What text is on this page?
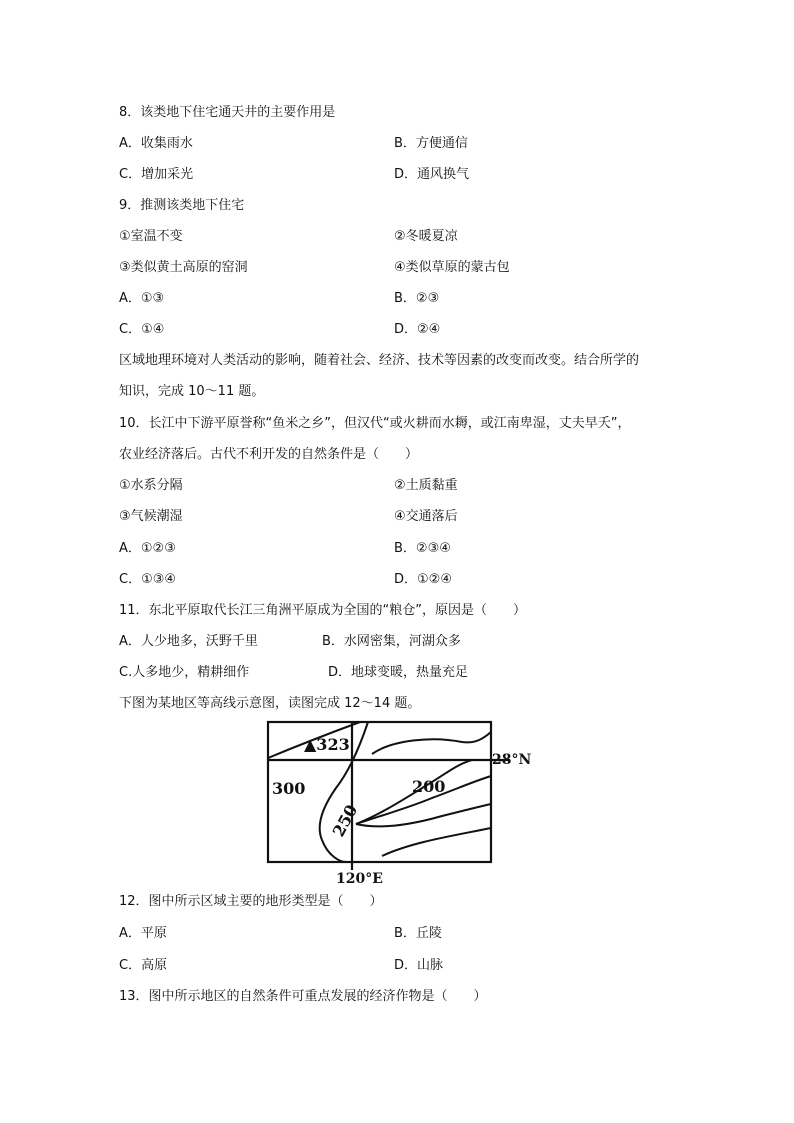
8．该类地下住宅通天井的主要作用是
A．收集雨水	B．方便通信
C．增加采光	D．通风换气
9．推测该类地下住宅
①室温不变	②冬暖夏凉
③类似黄土高原的窑洞	④类似草原的蒙古包
A．①③	B．②③
C．①④	D．②④
区域地理环境对人类活动的影响，随着社会、经济、技术等因素的改变而改变。结合所学的
知识，完成 10～11 题。
10．长江中下游平原誉称“鱼米之乡”，但汉代“或火耕而水耨，或江南卑湿，丈夫早夭”，
农业经济落后。古代不利开发的自然条件是（　　）
①水系分隔	②土质黏重
③气候潮湿	④交通落后
A．①②③	B．②③④
C．①③④	D．①②④
11．东北平原取代长江三角洲平原成为全国的“粮仓”，原因是（　　）
A．人少地多，沃野千里	B．水网密集，河湖众多
C.人多地少，精耕细作	D．地球变暖，热量充足
下图为某地区等高线示意图，读图完成 12～14 题。
▲323
300	200
250
28°N
120°E
12．图中所示区域主要的地形类型是（　　）
A．平原	B．丘陵
C．高原	D．山脉
13．图中所示地区的自然条件可重点发展的经济作物是（　　）
